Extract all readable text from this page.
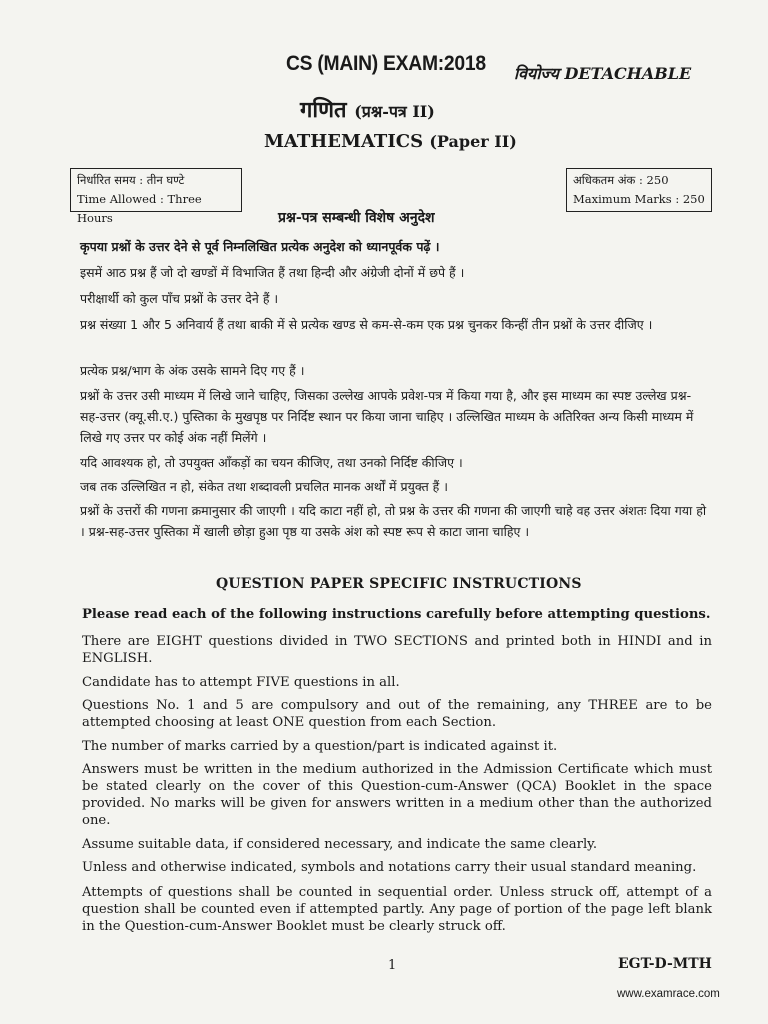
CS (MAIN) EXAM:2018 वियोज्य DETACHABLE
गणित (प्रश्न-पत्र II)
MATHEMATICS (Paper II)
निर्धारित समय : तीन घण्टे
Time Allowed : Three Hours
अधिकतम अंक : 250
Maximum Marks : 250
प्रश्न-पत्र सम्बन्धी विशेष अनुदेश
कृपया प्रश्नों के उत्तर देने से पूर्व निम्नलिखित प्रत्येक अनुदेश को ध्यानपूर्वक पढ़ें ।
इसमें आठ प्रश्न हैं जो दो खण्डों में विभाजित हैं तथा हिन्दी और अंग्रेजी दोनों में छपे हैं ।
परीक्षार्थी को कुल पाँच प्रश्नों के उत्तर देने हैं ।
प्रश्न संख्या 1 और 5 अनिवार्य हैं तथा बाकी में से प्रत्येक खण्ड से कम-से-कम एक प्रश्न चुनकर किन्हीं तीन प्रश्नों के उत्तर दीजिए ।
प्रत्येक प्रश्न/भाग के अंक उसके सामने दिए गए हैं ।
प्रश्नों के उत्तर उसी माध्यम में लिखे जाने चाहिए, जिसका उल्लेख आपके प्रवेश-पत्र में किया गया है, और इस माध्यम का स्पष्ट उल्लेख प्रश्न-सह-उत्तर (क्यू.सी.ए.) पुस्तिका के मुखपृष्ठ पर निर्दिष्ट स्थान पर किया जाना चाहिए । उल्लिखित माध्यम के अतिरिक्त अन्य किसी माध्यम में लिखे गए उत्तर पर कोई अंक नहीं मिलेंगे ।
यदि आवश्यक हो, तो उपयुक्त आँकड़ों का चयन कीजिए, तथा उनको निर्दिष्ट कीजिए ।
जब तक उल्लिखित न हो, संकेत तथा शब्दावली प्रचलित मानक अर्थों में प्रयुक्त हैं ।
प्रश्नों के उत्तरों की गणना क्रमानुसार की जाएगी । यदि काटा नहीं हो, तो प्रश्न के उत्तर की गणना की जाएगी चाहे वह उत्तर अंशतः दिया गया हो । प्रश्न-सह-उत्तर पुस्तिका में खाली छोड़ा हुआ पृष्ठ या उसके अंश को स्पष्ट रूप से काटा जाना चाहिए ।
QUESTION PAPER SPECIFIC INSTRUCTIONS
Please read each of the following instructions carefully before attempting questions.
There are EIGHT questions divided in TWO SECTIONS and printed both in HINDI and in ENGLISH.
Candidate has to attempt FIVE questions in all.
Questions No. 1 and 5 are compulsory and out of the remaining, any THREE are to be attempted choosing at least ONE question from each Section.
The number of marks carried by a question/part is indicated against it.
Answers must be written in the medium authorized in the Admission Certificate which must be stated clearly on the cover of this Question-cum-Answer (QCA) Booklet in the space provided. No marks will be given for answers written in a medium other than the authorized one.
Assume suitable data, if considered necessary, and indicate the same clearly.
Unless and otherwise indicated, symbols and notations carry their usual standard meaning.
Attempts of questions shall be counted in sequential order. Unless struck off, attempt of a question shall be counted even if attempted partly. Any page of portion of the page left blank in the Question-cum-Answer Booklet must be clearly struck off.
1	EGT-D-MTH
www.examrace.com
